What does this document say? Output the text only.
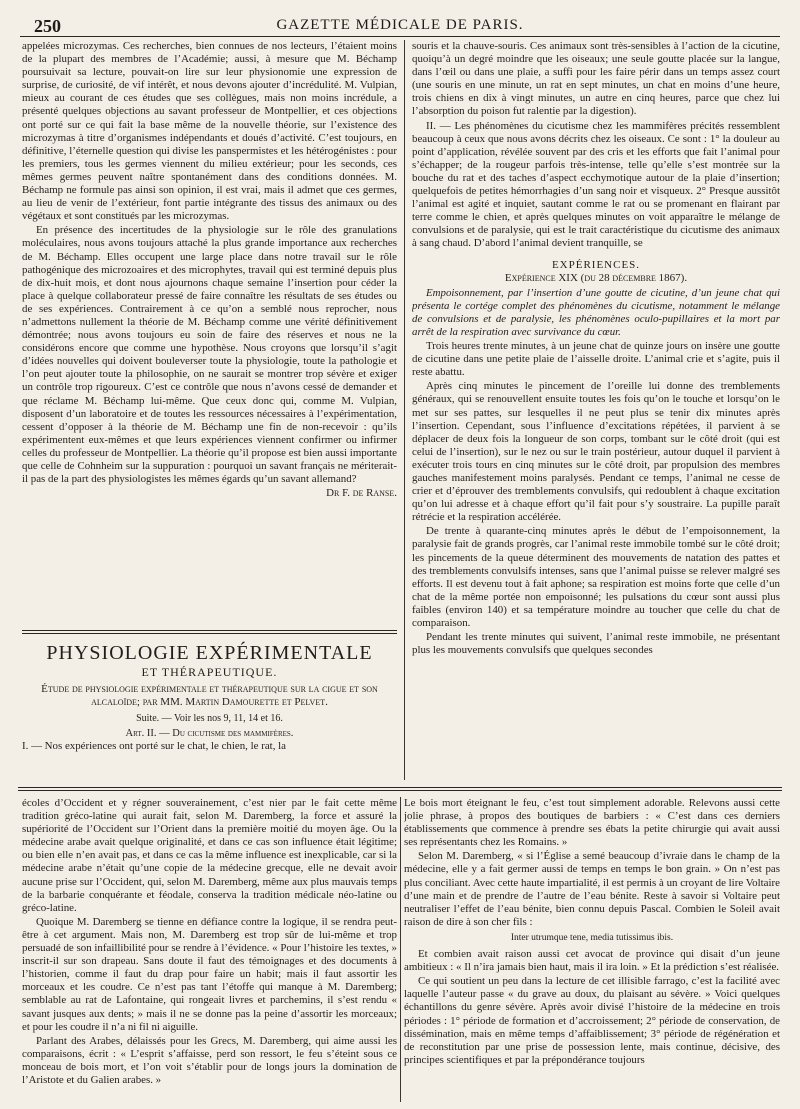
250	GAZETTE MÉDICALE DE PARIS.

appelées microzymas. Ces recherches, bien connues de nos lecteurs, l’étaient moins de la plupart des membres de l’Académie; aussi, à mesure que M. Béchamp poursuivait sa lecture, pouvait-on lire sur leur physionomie une expression de surprise, de curiosité, de vif intérêt, et nous devons ajouter d’incrédulité. M. Vulpian, mieux au courant de ces études que ses collègues, mais non moins incrédule, a présenté quelques objections au savant professeur de Montpellier, et ces objections ont porté sur ce qui fait la base même de la nouvelle théorie, sur l’existence des microzymas à titre d’organismes indépendants et doués d’activité. C’est toujours, en définitive, l’éternelle question qui divise les panspermistes et les hétérogénistes : pour les premiers, tous les germes viennent du milieu extérieur; pour les seconds, ces mêmes germes peuvent naître spontanément dans des conditions données. M. Béchamp ne formule pas ainsi son opinion, il est vrai, mais il admet que ces germes, au lieu de venir de l’extérieur, font partie intégrante des tissus des animaux ou des végétaux et sont constitués par les microzymas.

En présence des incertitudes de la physiologie sur le rôle des granulations moléculaires, nous avons toujours attaché la plus grande importance aux recherches de M. Béchamp. Elles occupent une large place dans notre travail sur le rôle pathogénique des microzoaires et des microphytes, travail qui est terminé depuis plus de dix-huit mois, et dont nous ajournons chaque semaine l’insertion pour céder la place à quelque collaborateur pressé de faire connaître les résultats de ses études ou de ses expériences. Contrairement à ce qu’on a semblé nous reprocher, nous n’admettons nullement la théorie de M. Béchamp comme une vérité définitivement démontrée; nous avons toujours eu soin de faire des réserves et nous ne la considérons encore que comme une hypothèse. Nous croyons que lorsqu’il s’agit d’idées nouvelles qui doivent bouleverser toute la physiologie, toute la pathologie et l’on peut ajouter toute la philosophie, on ne saurait se montrer trop sévère et exiger un contrôle trop rigoureux. C’est ce contrôle que nous n’avons cessé de demander et que réclame M. Béchamp lui-même. Que ceux donc qui, comme M. Vulpian, disposent d’un laboratoire et de toutes les ressources nécessaires à l’expérimentation, cessent d’opposer à la théorie de M. Béchamp une fin de non-recevoir : qu’ils expérimentent eux-mêmes et que leurs expériences viennent confirmer ou infirmer celles du professeur de Montpellier. La théorie qu’il propose est bien aussi importante que celle de Cohnheim sur la suppuration : pourquoi un savant français ne mériterait-il pas de la part des physiologistes les mêmes égards qu’un savant allemand?

Dr F. de Ranse.

PHYSIOLOGIE EXPÉRIMENTALE
ET THÉRAPEUTIQUE.
Étude de physiologie expérimentale et thérapeutique sur la cigue et son alcaloïde; par MM. Martin Damourette et Pelvet.
Suite. — Voir les nos 9, 11, 14 et 16.
Art. II. — Du cicutisme des mammifères.

I. — Nos expériences ont porté sur le chat, le chien, le rat, la

souris et la chauve-souris. Ces animaux sont très-sensibles à l’action de la cicutine, quoiqu’à un degré moindre que les oiseaux; une seule goutte placée sur la langue, dans l’œil ou dans une plaie, a suffi pour les faire périr dans un temps assez court (une souris en une minute, un rat en sept minutes, un chat en moins d’une heure, trois chiens en dix à vingt minutes, un autre en cinq heures, parce que chez lui l’absorption du poison fut ralentie par la digestion).

II. — Les phénomènes du cicutisme chez les mammifères précités ressemblent beaucoup à ceux que nous avons décrits chez les oiseaux. Ce sont : 1° la douleur au point d’application, révélée souvent par des cris et les efforts que fait l’animal pour s’échapper; de la rougeur parfois très-intense, telle qu’elle s’est montrée sur la bouche du rat et des taches d’aspect ecchymotique autour de la plaie d’insertion; quelquefois de petites hémorrhagies d’un sang noir et visqueux. 2° Presque aussitôt l’animal est agité et inquiet, sautant comme le rat ou se promenant en flairant par terre comme le chien, et après quelques minutes on voit apparaître le mélange de convulsions et de paralysie, qui est le trait caractéristique du cicutisme des animaux à sang chaud. D’abord l’animal devient tranquille, se

EXPÉRIENCES.
Expérience XIX (du 28 décembre 1867).

Empoisonnement, par l’insertion d’une goutte de cicutine, d’un jeune chat qui présenta le cortége complet des phénomènes du cicutisme, notamment le mélange de convulsions et de paralysie, les phénomènes oculo-pupillaires et la mort par arrêt de la respiration avec survivance du cœur.

Trois heures trente minutes, à un jeune chat de quinze jours on insère une goutte de cicutine dans une petite plaie de l’aisselle droite. L’animal crie et s’agite, puis il reste abattu.

Après cinq minutes le pincement de l’oreille lui donne des tremblements généraux, qui se renouvellent ensuite toutes les fois qu’on le touche et lorsqu’on le met sur ses pattes, sur lesquelles il ne peut plus se tenir dix minutes après l’insertion. Cependant, sous l’influence d’excitations répétées, il parvient à se déplacer de deux fois la longueur de son corps, tombant sur le côté droit (qui est celui de l’insertion), sur le nez ou sur le train postérieur, autour duquel il parvient à exécuter trois tours en cinq minutes sur le côté droit, par propulsion des membres gauches manifestement moins paralysés. Pendant ce temps, l’animal ne cesse de crier et d’éprouver des tremblements convulsifs, qui redoublent à chaque excitation qu’on lui adresse et à chaque effort qu’il fait pour s’y soustraire. La pupille paraît rétrécie et la respiration accélérée.

De trente à quarante-cinq minutes après le début de l’empoisonnement, la paralysie fait de grands progrès, car l’animal reste immobile tombé sur le côté droit; les pincements de la queue déterminent des mouvements de natation des pattes et des tremblements convulsifs intenses, sans que l’animal puisse se relever malgré ses efforts. Il est devenu tout à fait aphone; sa respiration est moins forte que celle d’un chat de la même portée non empoisonné; les pulsations du cœur sont aussi plus faibles (environ 140) et sa température moindre au toucher que celle du chat de comparaison.

Pendant les trente minutes qui suivent, l’animal reste immobile, ne présentant plus les mouvements convulsifs que quelques secondes

écoles d’Occident et y régner souverainement, c’est nier par le fait cette même tradition gréco-latine qui aurait fait, selon M. Daremberg, la force et assuré la supériorité de l’Occident sur l’Orient dans la première moitié du moyen âge. Ou la médecine arabe avait quelque originalité, et dans ce cas son influence était légitime; ou bien elle n’en avait pas, et dans ce cas la même influence est inexplicable, car si la médecine arabe n’était qu’une copie de la médecine grecque, elle ne devait avoir aucune prise sur l’Occident, qui, selon M. Daremberg, même aux plus mauvais temps de la barbarie conquérante et féodale, conserva la tradition médicale néo-latine ou gréco-latine.

Quoique M. Daremberg se tienne en défiance contre la logique, il se rendra peut-être à cet argument. Mais non, M. Daremberg est trop sûr de lui-même et trop persuadé de son infaillibilité pour se rendre à l’évidence. « Pour l’histoire les textes, » inscrit-il sur son drapeau. Sans doute il faut des témoignages et des documents à l’historien, comme il faut du drap pour faire un habit; mais il faut assortir les morceaux et les coudre. Ce n’est pas tant l’étoffe qui manque à M. Daremberg; semblable au rat de Lafontaine, qui rongeait livres et parchemins, il s’est rendu « savant jusques aux dents; » mais il ne se donne pas la peine d’assortir les morceaux; et pour les coudre il n’a ni fil ni aiguille.

Parlant des Arabes, délaissés pour les Grecs, M. Daremberg, qui aime aussi les comparaisons, écrit : « L’esprit s’affaisse, perd son ressort, le feu s’éteint sous ce monceau de bois mort, et l’on voit s’établir pour de longs jours la domination de l’Aristote et du Galien arabes. »

Le bois mort éteignant le feu, c’est tout simplement adorable. Relevons aussi cette jolie phrase, à propos des boutiques de barbiers : « C’est dans ces derniers établissements que commence à prendre ses ébats la petite chirurgie qui avait aussi ses représentants chez les Romains. »

Selon M. Daremberg, « si l’Église a semé beaucoup d’ivraie dans le champ de la médecine, elle y a fait germer aussi de temps en temps le bon grain. » On n’est pas plus conciliant. Avec cette haute impartialité, il est permis à un croyant de lire Voltaire d’une main et de prendre de l’autre de l’eau bénite. Reste à savoir si Voltaire peut neutraliser l’effet de l’eau bénite, bien connu depuis Pascal. Combien le Soleil avait raison de dire à son cher fils :

Inter utrumque tene, media tutissimus ibis.

Et combien avait raison aussi cet avocat de province qui disait d’un jeune ambitieux : « Il n’ira jamais bien haut, mais il ira loin. » Et la prédiction s’est réalisée.

Ce qui soutient un peu dans la lecture de cet illisible farrago, c’est la facilité avec laquelle l’auteur passe « du grave au doux, du plaisant au sévère. » Voici quelques échantillons du genre sévère. Après avoir divisé l’histoire de la médecine en trois périodes : 1° période de formation et d’accroissement; 2° période de conservation, de dissémination, mais en même temps d’affaiblissement; 3° période de régénération et de reconstitution par une prise de possession lente, mais continue, décisive, des principes scientifiques et par la prépondérance toujours
